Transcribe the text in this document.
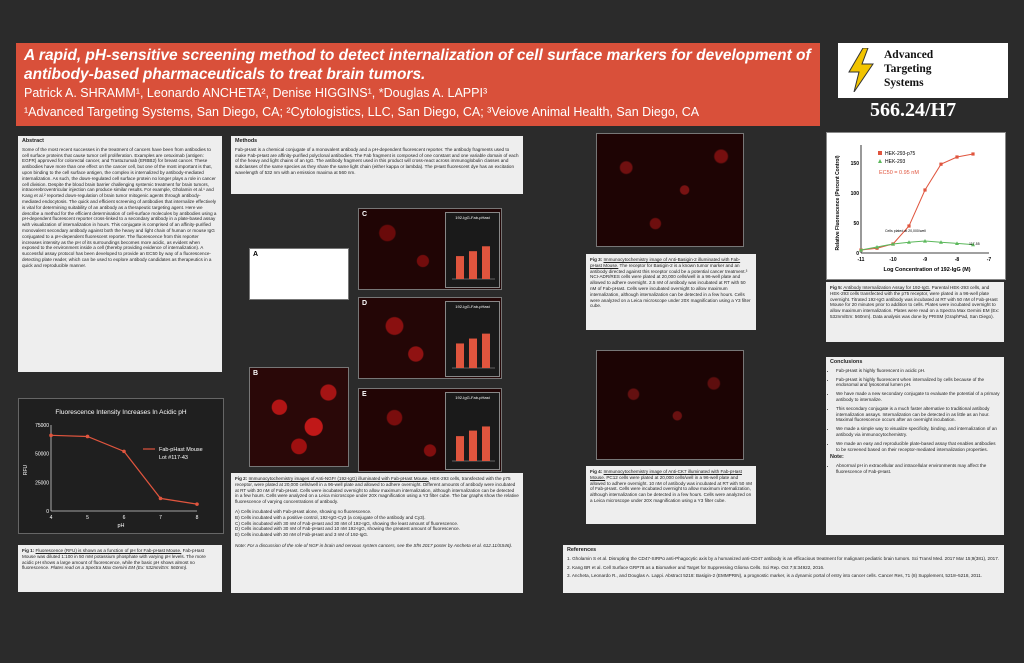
A rapid, pH-sensitive screening method to detect internalization of cell surface markers for development of antibody-based pharmaceuticals to treat brain tumors.
Patrick A. SHRAMM¹, Leonardo ANCHETA², Denise HIGGINS¹, *Douglas A. LAPPI³
¹Advanced Targeting Systems, San Diego, CA; ²Cytologistics, LLC, San Diego, CA; ³Veiove Animal Health, San Diego, CA
Advanced
Targeting
Systems
566.24/H7
Abstract

Some of the most recent successes in the treatment of cancers have been from antibodies to cell surface proteins that cause tumor cell proliferation. Examples are cetuximab (antigen: EGFR) approved for colorectal cancer, and Trastuzumab (ERBB2) for breast cancer. These antibodies have more than one effect on the cancer cell, but one of the most important is that, upon binding to the cell surface antigen, the complex is internalized by antibody-mediated internalization. As such, the down-regulated cell surface protein no longer plays a role in cancer cell division. Despite the blood brain barrier challenging systemic treatment for brain tumors, intracerebroventricular injection can produce similar results. For example, Gholamin et al.¹ and Kang et al.² reported down-regulation of brain tumor mitogenic agents through antibody-mediated endocytosis. The quick and efficient screening of antibodies that internalize effectively is vital for determining suitability of an antibody as a therapeutic targeting agent. Here we describe a method for the efficient determination of cell-surface molecules by antibodies using a pH-dependent fluorescent reporter cross-linked to a secondary antibody in a plate-based assay with visualization of internalization in hours. This conjugate is comprised of an affinity-purified monovalent secondary antibody against both the heavy and light chain of human or mouse IgG conjugated to a pH-dependent fluorescent reporter. The fluorescence from this reporter increases intensity as the pH of its surroundings becomes more acidic, as evident when exposed to the environment inside a cell (thereby providing evidence of internalization). A successful assay protocol has been developed to provide an EC50 by way of a fluorescence-detecting plate reader, which can be used to explore antibody candidates as therapeutics in a quick and reproducible manner.

Fluorescence Intensity Increases In Acidic pH
RFU
pH
4	5	6	7	8
0
25000
50000
75000
Fab-pHast Mouse
Lot #117-43

Fig 1: Fluorescence (RFU) is shown as a function of pH for Fab-pHast Mouse. Fab-pHast Mouse was diluted 1:100 in 50 mM potassium phosphate with varying pH levels. The more acidic pH shows a large amount of fluorescence, while the basic pH shows almost no fluorescence. Plates read on a Spectra Max Gemini EM (Ex: 532nm/Em: 560nm).

Methods

Fab-pHast is a chemical conjugate of a monovalent antibody and a pH-dependent fluorescent reporter. The antibody fragments used to make Fab-pHast are affinity-purified polyclonal antibodies. The Fab fragment is composed of one constant and one variable domain of each of the heavy and light chains of an IgG. The antibody fragment used in this product will cross-react across immunoglobulin classes and subclasses of the same species as they share the same light chain (either kappa or lambda). The pHast fluorescent dye has an excitation wavelength of 532 nm with an emission maxima at 560 nm.

A
B
C	192-IgG-Fab-pHast
D	192-IgG-Fab-pHast
E	192-IgG-Fab-pHast

Fig 2: Immunocytochemistry images of Anti-NGFr (192-IgG) illuminated with Fab-pHast Mouse. HEK-293 cells, transfected with the p75 receptor, were plated at 20,000 cells/well in a 96-well plate and allowed to adhere overnight. Different amounts of antibody were incubated at RT with 30 nM of Fab-pHast. Cells were incubated overnight to allow maximum internalization, although internalization can be detected in a few hours. Cells were analyzed on a Leica microscope under 20X magnification using a Y3 filter cube. The bar graphs show the relative fluorescence of varying concentrations of antibody.

A) Cells incubated with Fab-pHast alone, showing no fluorescence.
B) Cells incubated with a positive control, 192-IgG-Cy3 (a conjugate of the antibody and Cy3).
C) Cells incubated with 30 nM of Fab-pHast and 30 nM of 192-IgG, showing the least amount of fluorescence.
D) Cells incubated with 30 nM of Fab-pHast and 10 nM 192-IgG, showing the greatest amount of fluorescence.
E) Cells incubated with 30 nM of Fab-pHast and 3 nM of 192-IgG.

Note: For a discussion of the role of NGF in brain and nervous system cancers, see the SfN 2017 poster by Ancheta et al. 612.11/SS46).

Fig 3: Immunocytochemistry image of Anti-Basigin-2 illuminated with Fab-pHast Mouse. The receptor for Basigin-2 is a known tumor marker and an antibody directed against this receptor could be a potential cancer treatment.³ NCI-ADR/RES cells were plated at 20,000 cells/well in a 96-well plate and allowed to adhere overnight. 2.5 nM of antibody was incubated at RT with 50 nM of Fab-pHast. Cells were incubated overnight to allow maximum internalization, although internalization can be detected in a few hours. Cells were analyzed on a Leica microscope under 20X magnification using a Y3 filter cube.

Fig 4: Immunocytochemistry image of Anti-CK7 illuminated with Fab-pHast Mouse. PC12 cells were plated at 20,000 cells/well in a 96-well plate and allowed to adhere overnight. 10 nM of antibody was incubated at RT with 50 nM of Fab-pHast. Cells were incubated overnight to allow maximum internalization, although internalization can be detected in a few hours. Cells were analyzed on a Leica microscope under 20X magnification using a Y3 filter cube.

Relative Fluorescence (Percent Control)
Log Concentration of 192-IgG (M)
-11	-10	-9	-8	-7
0
50
100
150
HEK-293-p75
HEK-293
EC50 = 0.95 nM
Cells plated at 20,000/well
117-55

Fig 5: Antibody Internalization Assay for 192-IgG. Parental HEK-293 cells, and HEK-293 cells transfected with the p75 receptor, were plated in a 96-well plate overnight. Titrated 192-IgG antibody was incubated at RT with 50 nM of Fab-pHast Mouse for 20 minutes prior to addition to cells. Plates were incubated overnight to allow maximum internalization. Plates were read on a Spectra Max Gemini EM (Ex: 532nm/Em: 560nm). Data analysis was done by PRISM (GraphPad, San Diego).

Conclusions
• Fab-pHast is highly fluorescent in acidic pH.
• Fab-pHast is highly fluorescent when internalized by cells because of the endosomal and lysosomal lumen pH.
• We have made a new secondary conjugate to evaluate the potential of a primary antibody to internalize.
• This secondary conjugate is a much faster alternative to traditional antibody internalization assays. Internalization can be detected in as little as an hour. Maximal fluorescence occurs after an overnight incubation.
• We made a simple way to visualize specificity, binding, and internalization of an antibody via immunocytochemistry.
• We made an easy and reproducible plate-based assay that enables antibodies to be screened based on their receptor-mediated internalization properties.
Note:
• Abnormal pH in extracellular and intracellular environments may affect the fluorescence of Fab-pHast.
References

1. Gholamin S et al. Disrupting the CD47-SIRPα anti-Phagocytic axis by a humanized anti-CD47 antibody is an efficacious treatment for malignant pediatric brain tumors. Sci Transl Med. 2017 Mar 15;9(381), 2017.

2. Kang BR et al. Cell Surface GRP78 as a Biomarker and Target for Suppressing Glioma Cells. Sci Rep. Oct 7;6:34922, 2016.

3. Ancheta, Leonardo R., and Douglas A. Lappi. Abstract 5218: Basigin-2 (EMMPRIN), a prognostic marker, is a dynamic portal of entry into cancer cells. Cancer Res, 71 (8) Supplement, 5218–5218, 2011.
